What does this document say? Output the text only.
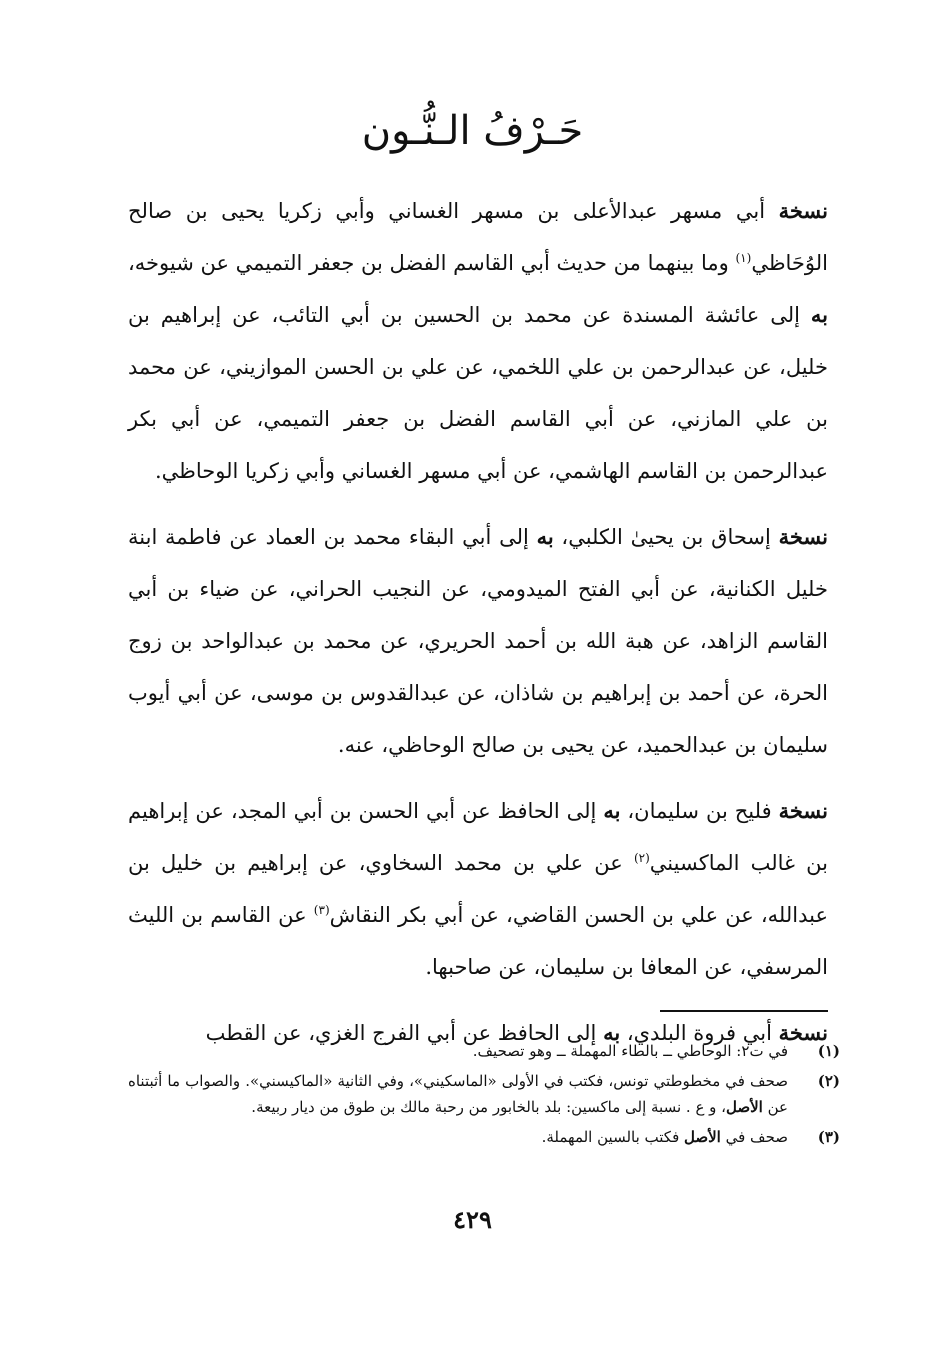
حَـرْفُ الـنُّـون

نسخة أبي مسهر عبدالأعلى بن مسهر الغساني وأبي زكريا يحيى بن صالح الوُحَاظي$^{(١)}$ وما بينهما من حديث أبي القاسم الفضل بن جعفر التميمي عن شيوخه، به إلى عائشة المسندة عن محمد بن الحسين بن أبي التائب، عن إبراهيم بن خليل، عن عبدالرحمن بن علي اللخمي، عن علي بن الحسن الموازيني، عن محمد بن علي المازني، عن أبي القاسم الفضل بن جعفر التميمي، عن أبي بكر عبدالرحمن بن القاسم الهاشمي، عن أبي مسهر الغساني وأبي زكريا الوحاظي.

نسخة إسحاق بن يحيىٰ الكلبي، به إلى أبي البقاء محمد بن العماد عن فاطمة ابنة خليل الكنانية، عن أبي الفتح الميدومي، عن النجيب الحراني، عن ضياء بن أبي القاسم الزاهد، عن هبة الله بن أحمد الحريري، عن محمد بن عبدالواحد بن زوج الحرة، عن أحمد بن إبراهيم بن شاذان، عن عبدالقدوس بن موسى، عن أبي أيوب سليمان بن عبدالحميد، عن يحيى بن صالح الوحاظي، عنه.

نسخة فليح بن سليمان، به إلى الحافظ عن أبي الحسن بن أبي المجد، عن إبراهيم بن غالب الماكسيني$^{(٢)}$ عن علي بن محمد السخاوي، عن إبراهيم بن خليل بن عبدالله، عن علي بن الحسن القاضي، عن أبي بكر النقاش$^{(٣)}$ عن القاسم بن الليث المرسفي، عن المعافا بن سليمان، عن صاحبها.

نسخة أبي فروة البلدي، به إلى الحافظ عن أبي الفرج الغزي، عن القطب

(١)
في ت٢: الوحاطي ــ بالطاء المهملة ــ وهو تصحيف.
(٢)
صحف في مخطوطتي تونس، فكتب في الأولى «الماسكيني»، وفي الثانية «الماكيسني». والصواب ما أثبتناه عن الأصل، و ع . نسبة إلى ماكسين: بلد بالخابور من رحبة مالك بن طوق من ديار ربيعة.
(٣)
صحف في الأصل فكتب بالسين المهملة.
٤٢٩
